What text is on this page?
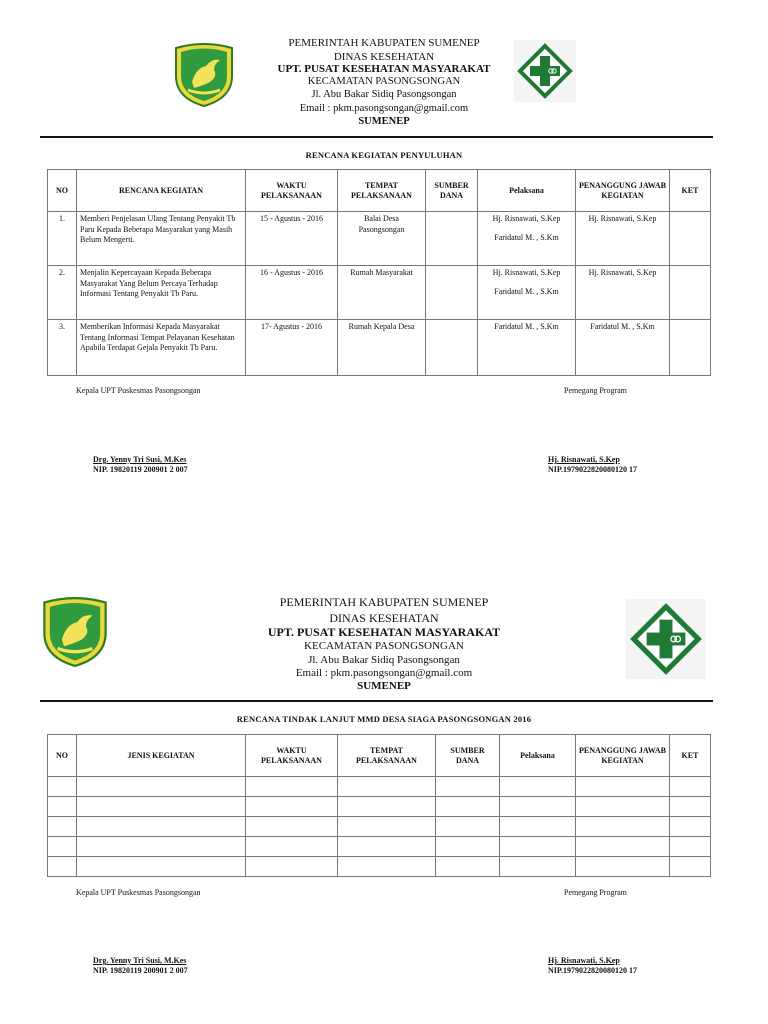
PEMERINTAH KABUPATEN SUMENEP
DINAS KESEHATAN
UPT. PUSAT KESEHATAN MASYARAKAT
KECAMATAN PASONGSONGAN
Jl. Abu Bakar Sidiq Pasongsongan
Email : pkm.pasongsongan@gmail.com
SUMENEP
RENCANA KEGIATAN PENYULUHAN
NO	RENCANA KEGIATAN	WAKTU PELAKSANAAN	TEMPAT PELAKSANAAN	SUMBER DANA	Pelaksana	PENANGGUNG JAWAB KEGIATAN	KET
1.	Memberi Penjelasan Ulang Tentang Penyakit Tb Paru Kepada Beberapa Masyarakat yang Masih Belum Mengerti.	15 - Agustus - 2016	Balai Desa Pasongsongan		Hj. Risnawati, S.Kep
Faridatul M. , S.Km	Hj. Risnawati, S.Kep	
2.	Menjalin Kepercayaan Kepada Beberapa Masyarakat Yang Belum Percaya Terhadap Informasi Tentang Penyakit Tb Paru.	16 - Agustus - 2016	Rumah Masyarakat		Hj. Risnawati, S.Kep
Faridatul M. , S.Km	Hj. Risnawati, S.Kep	
3.	Memberikan Informasi Kepada Masyarakat Tentang Informasi Tempat Pelayanan Kesehatan Apabila Terdapat Gejala Penyakit Tb Paru.	17- Agustus - 2016	Rumah Kepala Desa		Faridatul M. , S.Km	Faridatul M. , S.Km	
Kepala UPT Puskesmas Pasongsongan	Pemegang Program
Drg. Yenny Tri Susi, M.Kes
NIP. 19820119 200901 2 007
Hj. Risnawati, S.Kep
NIP.1979022820080120 17
PEMERINTAH KABUPATEN SUMENEP
DINAS KESEHATAN
UPT. PUSAT KESEHATAN MASYARAKAT
KECAMATAN PASONGSONGAN
Jl. Abu Bakar Sidiq Pasongsongan
Email : pkm.pasongsongan@gmail.com
SUMENEP
RENCANA TINDAK LANJUT MMD DESA SIAGA PASONGSONGAN 2016
NO	JENIS KEGIATAN	WAKTU PELAKSANAAN	TEMPAT PELAKSANAAN	SUMBER DANA	Pelaksana	PENANGGUNG JAWAB KEGIATAN	KET

Kepala UPT Puskesmas Pasongsongan	Pemegang Program
Drg. Yenny Tri Susi, M.Kes
NIP. 19820119 200901 2 007
Hj. Risnawati, S.Kep
NIP.1979022820080120 17
